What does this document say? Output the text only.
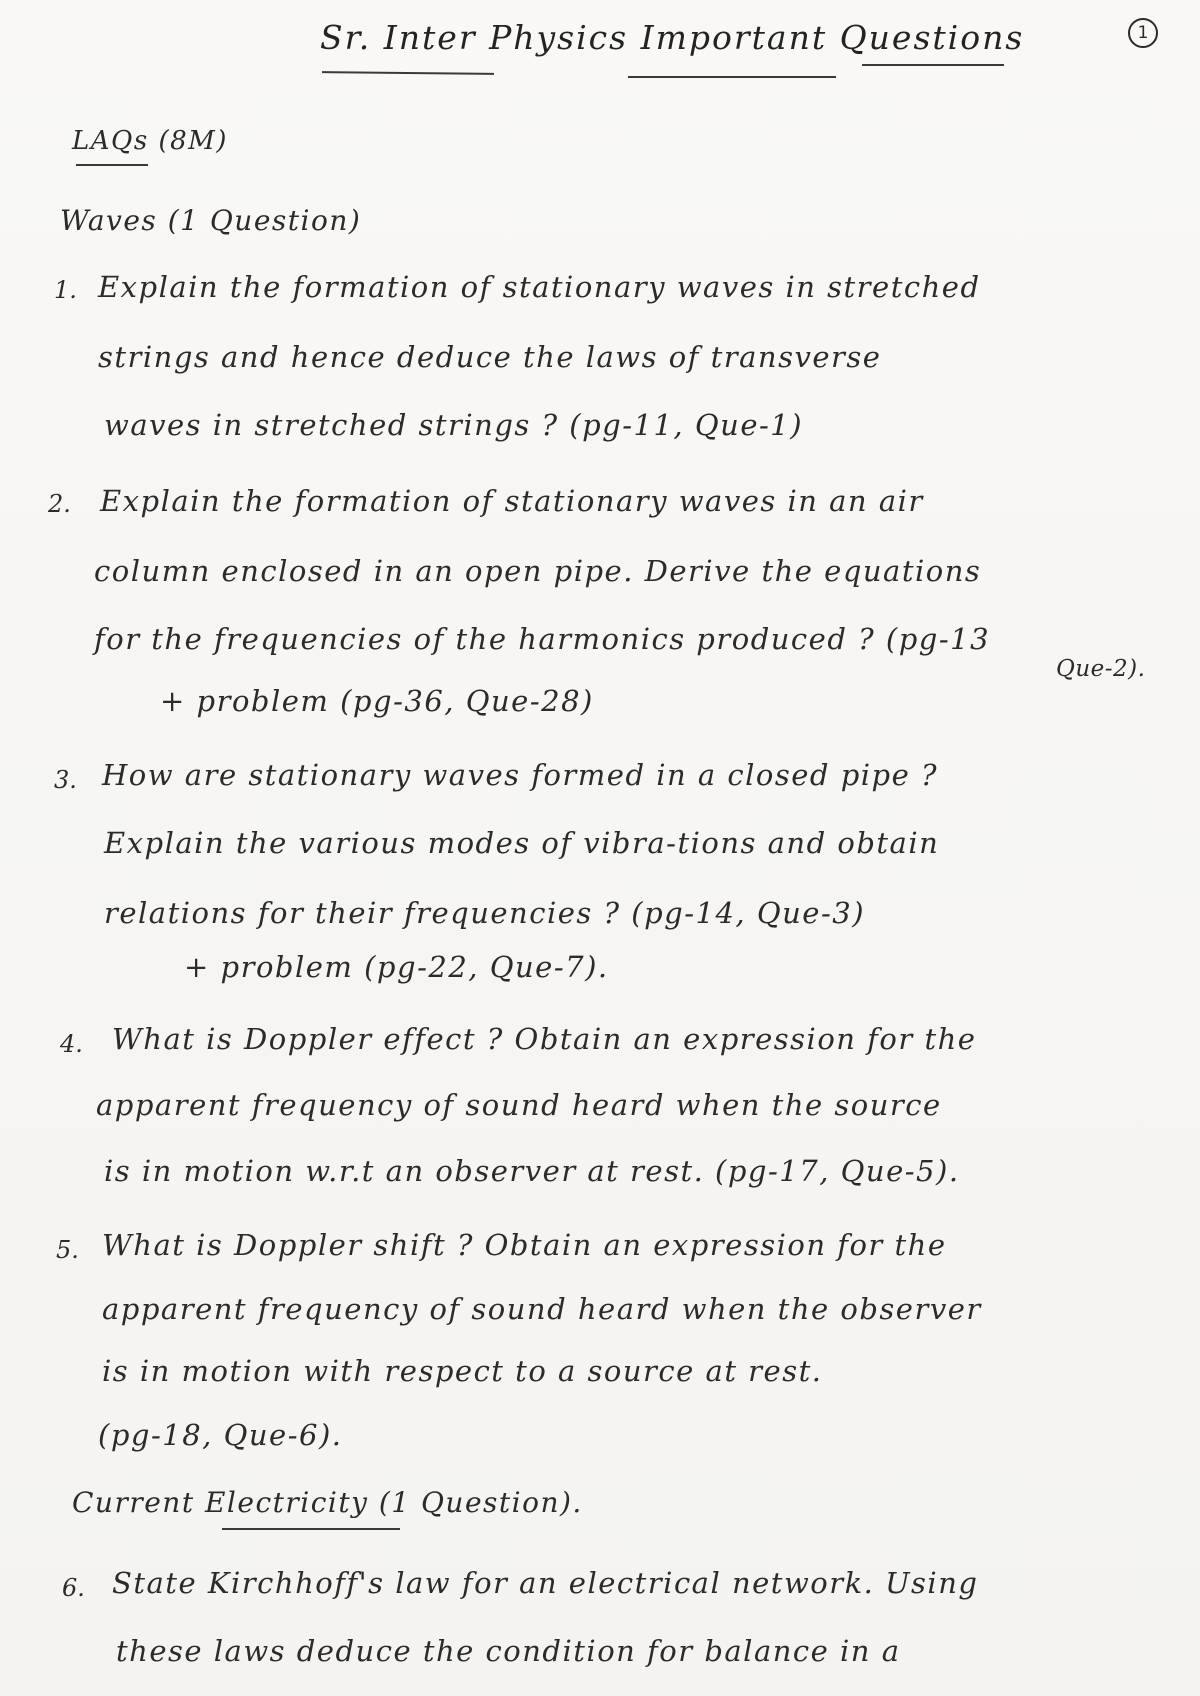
Sr. Inter Physics Important Questions	1
LAQs (8M)
Waves (1 Question)
1. Explain the formation of stationary waves in stretched
strings and hence deduce the laws of transverse
waves in stretched strings ? (pg-11, Que-1)
2. Explain the formation of stationary waves in an air
column enclosed in an open pipe. Derive the equations
for the frequencies of the harmonics produced ? (pg-13
Que-2).
+ problem (pg-36, Que-28)
3. How are stationary waves formed in a closed pipe ?
Explain the various modes of vibra-tions and obtain
relations for their frequencies ? (pg-14, Que-3)
+ problem (pg-22, Que-7).
4. What is Doppler effect ? Obtain an expression for the
apparent frequency of sound heard when the source
is in motion w.r.t an observer at rest. (pg-17, Que-5).
5. What is Doppler shift ? Obtain an expression for the
apparent frequency of sound heard when the observer
is in motion with respect to a source at rest.
(pg-18, Que-6).
Current Electricity (1 Question).
6. State Kirchhoff's law for an electrical network. Using
these laws deduce the condition for balance in a
